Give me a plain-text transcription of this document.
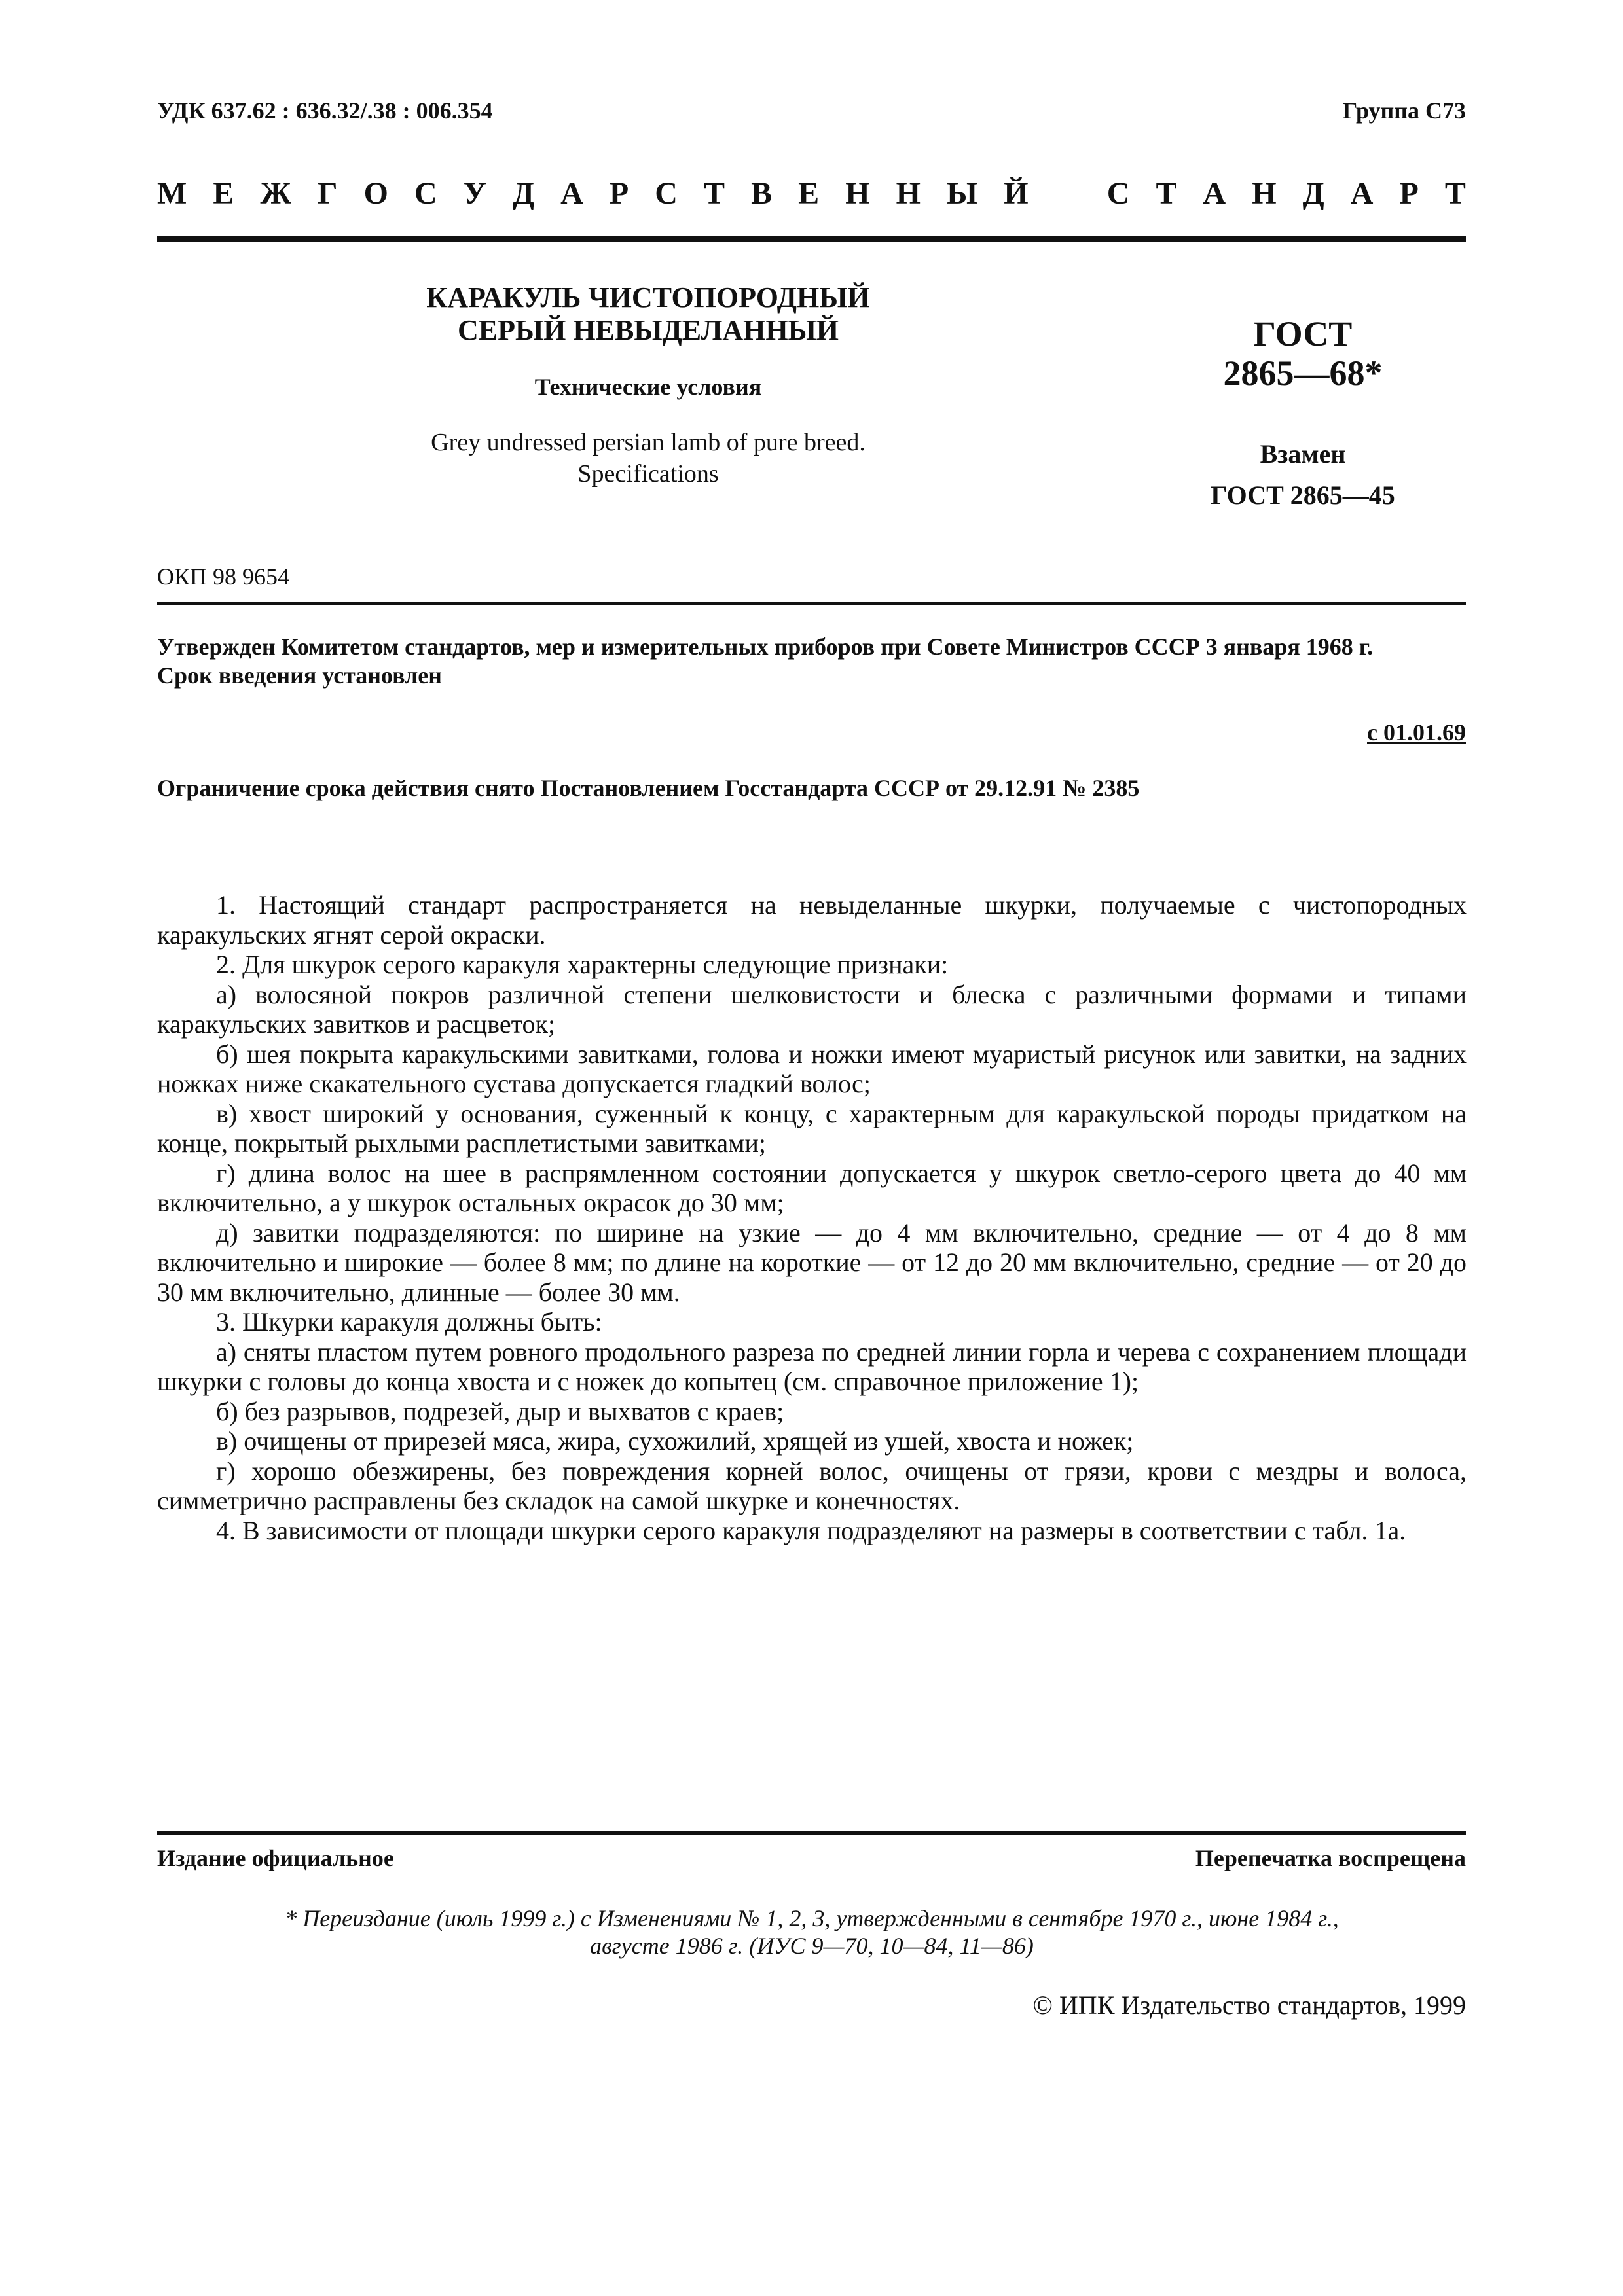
УДК 637.62 : 636.32/.38 : 006.354	Группа С73
М Е Ж Г О С У Д А Р С Т В Е Н Н Ы Й	С Т А Н Д А Р Т
КАРАКУЛЬ ЧИСТОПОРОДНЫЙ
СЕРЫЙ НЕВЫДЕЛАННЫЙ
Технические условия
Grey undressed persian lamb of pure breed.
Specifications
ГОСТ
2865—68*
Взамен
ГОСТ 2865—45
ОКП 98 9654
Утвержден Комитетом стандартов, мер и измерительных приборов при Совете Министров СССР 3 января 1968 г.
Срок введения установлен
с 01.01.69
Ограничение срока действия снято Постановлением Госстандарта СССР от 29.12.91 № 2385

1. Настоящий стандарт распространяется на невыделанные шкурки, получаемые с чистопородных каракульских ягнят серой окраски.

2. Для шкурок серого каракуля характерны следующие признаки:

а) волосяной покров различной степени шелковистости и блеска с различными формами и типами каракульских завитков и расцветок;

б) шея покрыта каракульскими завитками, голова и ножки имеют муаристый рисунок или завитки, на задних ножках ниже скакательного сустава допускается гладкий волос;

в) хвост широкий у основания, суженный к концу, с характерным для каракульской породы придатком на конце, покрытый рыхлыми расплетистыми завитками;

г) длина волос на шее в распрямленном состоянии допускается у шкурок светло-серого цвета до 40 мм включительно, а у шкурок остальных окрасок до 30 мм;

д) завитки подразделяются: по ширине на узкие — до 4 мм включительно, средние — от 4 до 8 мм включительно и широкие — более 8 мм; по длине на короткие — от 12 до 20 мм включительно, средние — от 20 до 30 мм включительно, длинные — более 30 мм.

3. Шкурки каракуля должны быть:

а) сняты пластом путем ровного продольного разреза по средней линии горла и черева с сохранением площади шкурки с головы до конца хвоста и с ножек до копытец (см. справочное приложение 1);

б) без разрывов, подрезей, дыр и выхватов с краев;

в) очищены от прирезей мяса, жира, сухожилий, хрящей из ушей, хвоста и ножек;

г) хорошо обезжирены, без повреждения корней волос, очищены от грязи, крови с мездры и волоса, симметрично расправлены без складок на самой шкурке и конечностях.

4. В зависимости от площади шкурки серого каракуля подразделяют на размеры в соответствии с табл. 1а.

Издание официальное	Перепечатка воспрещена
* Переиздание (июль 1999 г.) с Изменениями № 1, 2, 3, утвержденными в сентябре 1970 г., июне 1984 г.,
августе 1986 г. (ИУС 9—70, 10—84, 11—86)
© ИПК Издательство стандартов, 1999
